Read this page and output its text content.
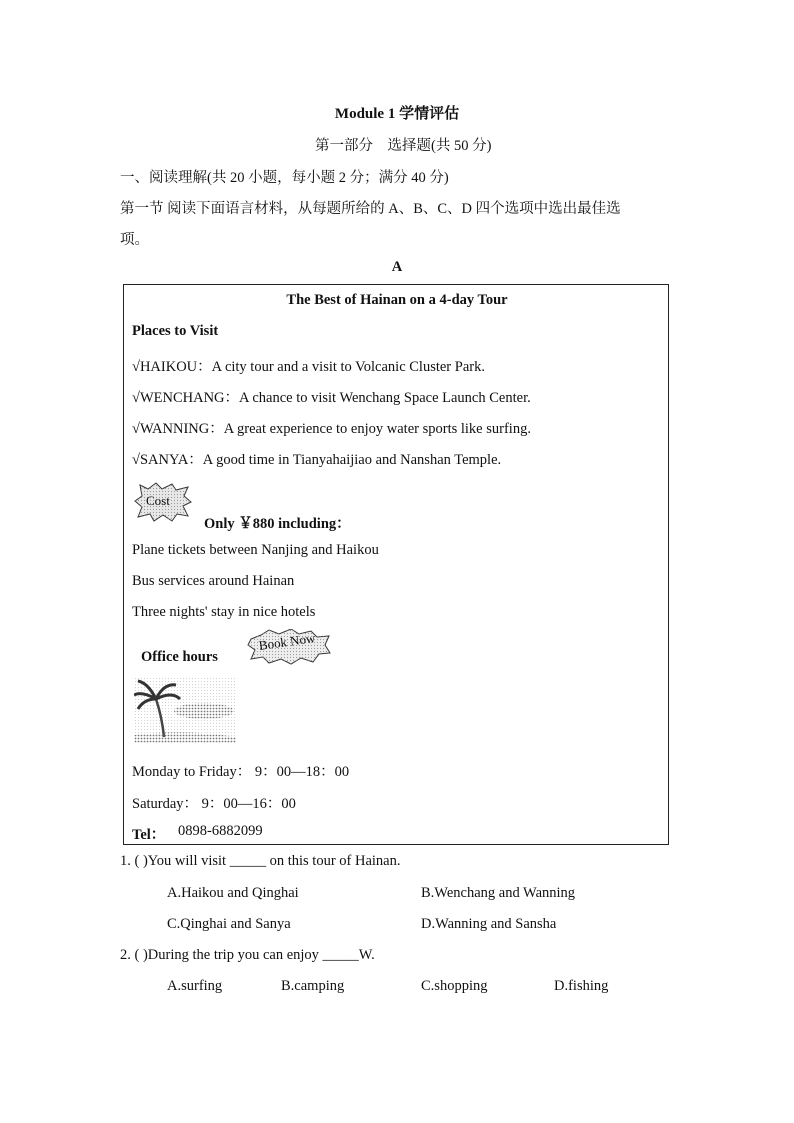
Module 1 学情评估
第一部分　选择题(共 50 分)
一、阅读理解(共 20 小题，每小题 2 分；满分 40 分)
第一节 阅读下面语言材料，从每题所给的 A、B、C、D 四个选项中选出最佳选
项。
A
The Best of Hainan on a 4-day Tour
Places to Visit
√HAIKOU：A city tour and a visit to Volcanic Cluster Park.
√WENCHANG：A chance to visit Wenchang Space Launch Center.
√WANNING：A great experience to enjoy water sports like surfing.
√SANYA：A good time in Tianyahaijiao and Nanshan Temple.
Cost
Only ￥880 including：
Plane tickets between Nanjing and Haikou
Bus services around Hainan
Three nights' stay in nice hotels
Office hours
Book Now
Monday to Friday： 9：00—18：00
Saturday： 9：00—16：00
Tel： 0898-6882099
1. ( )You will visit _____ on this tour of Hainan.
A.Haikou and Qinghai	B.Wenchang and Wanning
C.Qinghai and Sanya	D.Wanning and Sansha
2. ( )During the trip you can enjoy _____W.
A.surfing	B.camping	C.shopping	D.fishing
